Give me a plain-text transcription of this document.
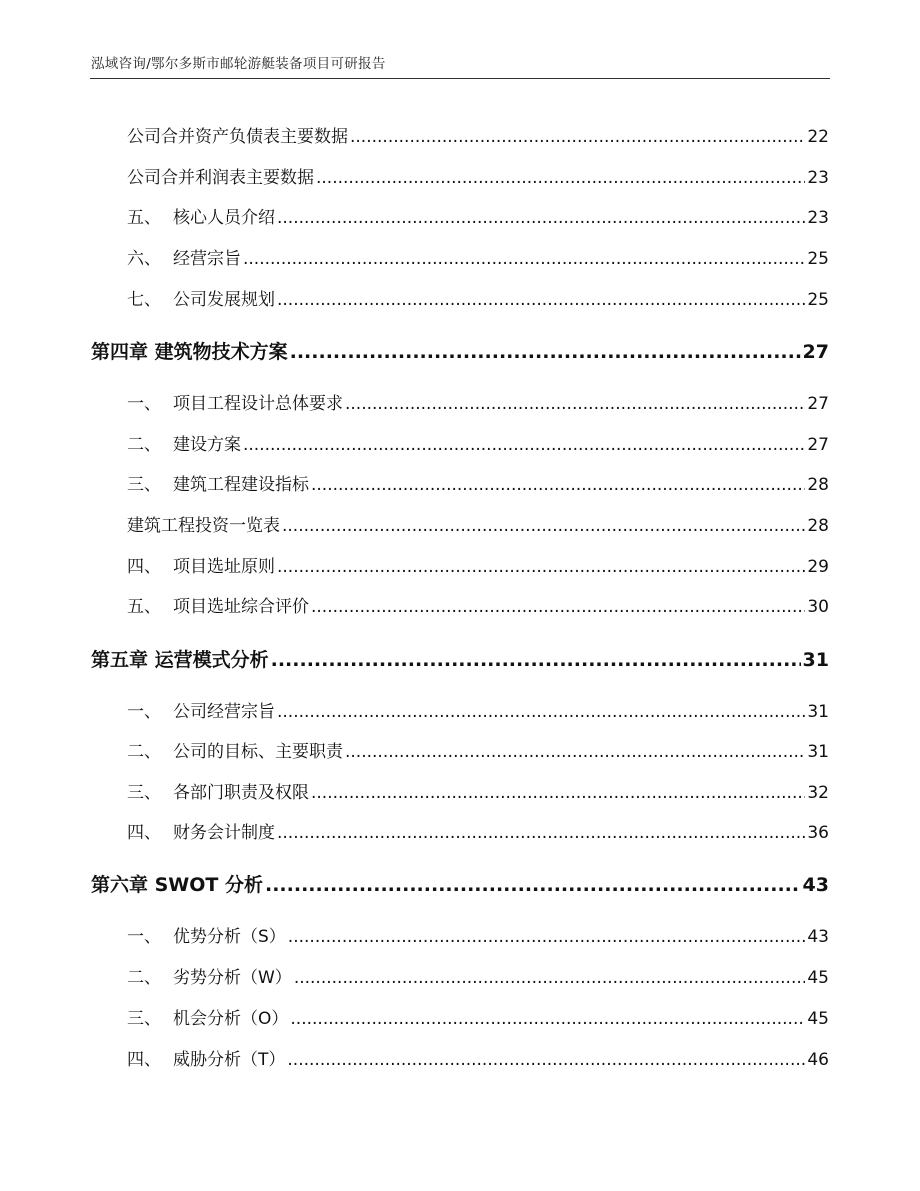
泓域咨询/鄂尔多斯市邮轮游艇装备项目可研报告
公司合并资产负债表主要数据 .....	22
公司合并利润表主要数据 .....	23
五、 核心人员介绍 .....	23
六、 经营宗旨 .....	25
七、 公司发展规划 .....	25
第四章 建筑物技术方案 .....	27
一、 项目工程设计总体要求 .....	27
二、 建设方案 .....	27
三、 建筑工程建设指标 .....	28
建筑工程投资一览表 .....	28
四、 项目选址原则 .....	29
五、 项目选址综合评价 .....	30
第五章 运营模式分析 .....	31
一、 公司经营宗旨 .....	31
二、 公司的目标、主要职责 .....	31
三、 各部门职责及权限 .....	32
四、 财务会计制度 .....	36
第六章 SWOT 分析 .....	43
一、 优势分析（S） .....	43
二、 劣势分析（W） .....	45
三、 机会分析（O） .....	45
四、 威胁分析（T） .....	46
